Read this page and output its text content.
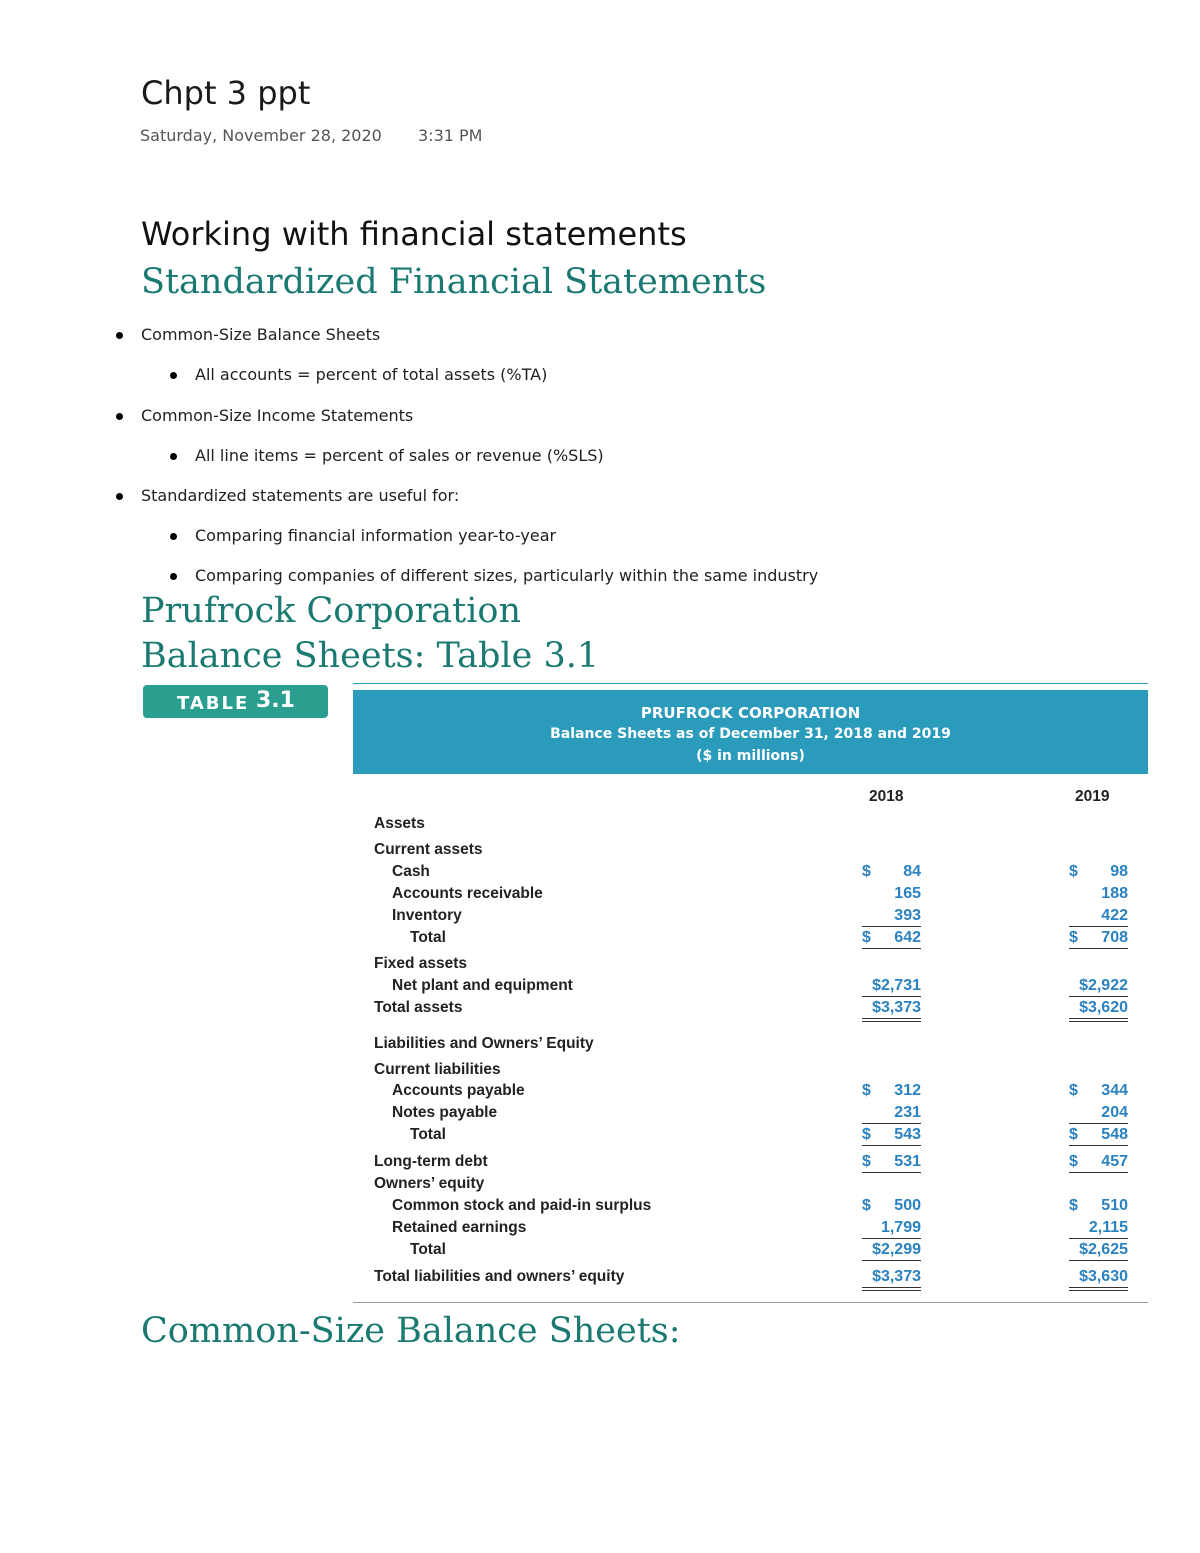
Chpt 3 ppt
Saturday, November 28, 2020 3:31 PM
Working with financial statements
Standardized Financial Statements
Common-Size Balance Sheets
All accounts = percent of total assets (%TA)
Common-Size Income Statements
All line items = percent of sales or revenue (%SLS)
Standardized statements are useful for:
Comparing financial information year-to-year
Comparing companies of different sizes, particularly within the same industry
Prufrock Corporation
Balance Sheets: Table 3.1
TABLE 3.1	PRUFROCK CORPORATION
Balance Sheets as of December 31, 2018 and 2019
($ in millions)
2018	2019
Assets
Current assets
Cash	$ 84	$ 98
Accounts receivable	165	188
Inventory	393	422
Total	$ 642	$ 708
Fixed assets
Net plant and equipment	$2,731	$2,922
Total assets	$3,373	$3,620
Liabilities and Owners’ Equity
Current liabilities
Accounts payable	$ 312	$ 344
Notes payable	231	204
Total	$ 543	$ 548
Long-term debt	$ 531	$ 457
Owners’ equity
Common stock and paid-in surplus	$ 500	$ 510
Retained earnings	1,799	2,115
Total	$2,299	$2,625
Total liabilities and owners’ equity	$3,373	$3,630
Common-Size Balance Sheets:
